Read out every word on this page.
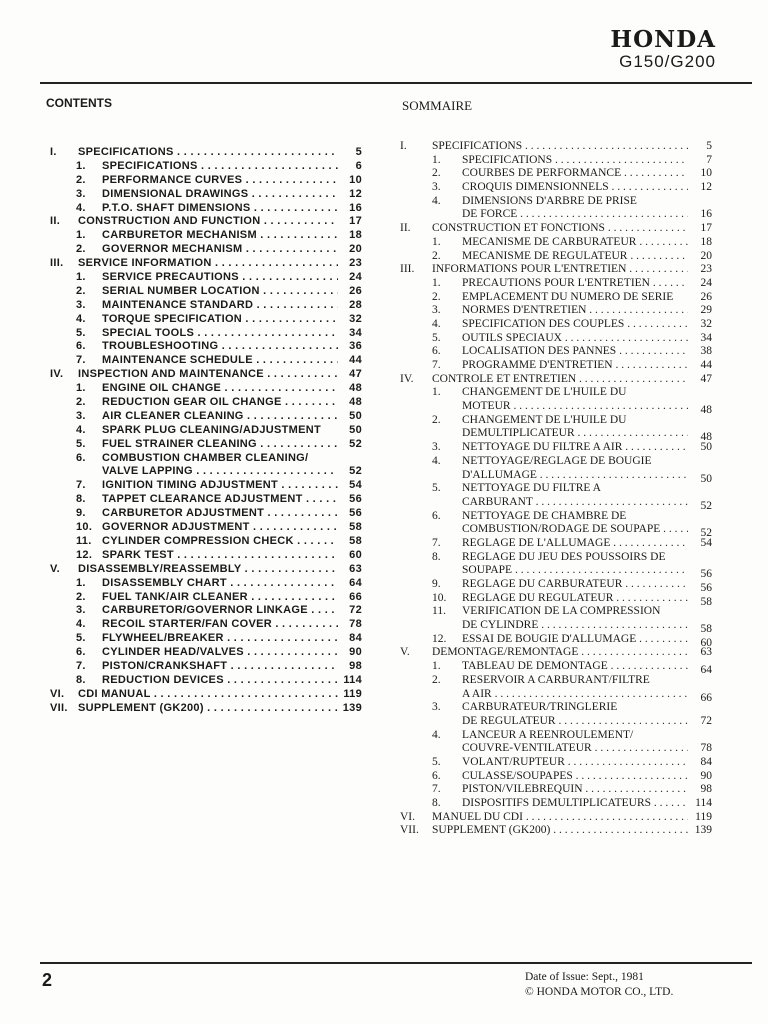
HONDA
G150/G200
CONTENTS	SOMMAIRE
I. SPECIFICATIONS . . .	5
1. SPECIFICATIONS . . .	6
2. PERFORMANCE CURVES . . .	10
3. DIMENSIONAL DRAWINGS . . .	12
4. P.T.O. SHAFT DIMENSIONS . . .	16
II. CONSTRUCTION AND FUNCTION . . .	17
1. CARBURETOR MECHANISM . . .	18
2. GOVERNOR MECHANISM . . .	20
III. SERVICE INFORMATION . . .	23
1. SERVICE PRECAUTIONS . . .	24
2. SERIAL NUMBER LOCATION . . .	26
3. MAINTENANCE STANDARD . . .	28
4. TORQUE SPECIFICATION . . .	32
5. SPECIAL TOOLS . . .	34
6. TROUBLESHOOTING . . .	36
7. MAINTENANCE SCHEDULE . . .	44
IV. INSPECTION AND MAINTENANCE . . .	47
1. ENGINE OIL CHANGE . . .	48
2. REDUCTION GEAR OIL CHANGE . . .	48
3. AIR CLEANER CLEANING . . .	50
4. SPARK PLUG CLEANING/ADJUSTMENT	50
5. FUEL STRAINER CLEANING . . .	52
6. COMBUSTION CHAMBER CLEANING/
VALVE LAPPING . . .	52
7. IGNITION TIMING ADJUSTMENT . . .	54
8. TAPPET CLEARANCE ADJUSTMENT . . .	56
9. CARBURETOR ADJUSTMENT . . .	56
10. GOVERNOR ADJUSTMENT . . .	58
11. CYLINDER COMPRESSION CHECK . . .	58
12. SPARK TEST . . .	60
V. DISASSEMBLY/REASSEMBLY . . .	63
1. DISASSEMBLY CHART . . .	64
2. FUEL TANK/AIR CLEANER . . .	66
3. CARBURETOR/GOVERNOR LINKAGE . . .	72
4. RECOIL STARTER/FAN COVER . . .	78
5. FLYWHEEL/BREAKER . . .	84
6. CYLINDER HEAD/VALVES . . .	90
7. PISTON/CRANKSHAFT . . .	98
8. REDUCTION DEVICES . . .	114
VI. CDI MANUAL . . .	119
VII. SUPPLEMENT (GK200) . . .	139
I. SPECIFICATIONS . . .	5
1. SPECIFICATIONS . . .	7
2. COURBES DE PERFORMANCE . . .	10
3. CROQUIS DIMENSIONNELS . . .	12
4. DIMENSIONS D'ARBRE DE PRISE
DE FORCE . . .	16
II. CONSTRUCTION ET FONCTIONS . . .	17
1. MECANISME DE CARBURATEUR . . .	18
2. MECANISME DE REGULATEUR . . .	20
III. INFORMATIONS POUR L'ENTRETIEN . . .	23
1. PRECAUTIONS POUR L'ENTRETIEN . . .	24
2. EMPLACEMENT DU NUMERO DE SERIE	26
3. NORMES D'ENTRETIEN . . .	29
4. SPECIFICATION DES COUPLES . . .	32
5. OUTILS SPECIAUX . . .	34
6. LOCALISATION DES PANNES . . .	38
7. PROGRAMME D'ENTRETIEN . . .	44
IV. CONTROLE ET ENTRETIEN . . .	47
1. CHANGEMENT DE L'HUILE DU
MOTEUR . . .	48
2. CHANGEMENT DE L'HUILE DU
DEMULTIPLICATEUR . . .	48
3. NETTOYAGE DU FILTRE A AIR . . .	50
4. NETTOYAGE/REGLAGE DE BOUGIE
D'ALLUMAGE . . .	50
5. NETTOYAGE DU FILTRE A
CARBURANT . . .	52
6. NETTOYAGE DE CHAMBRE DE
COMBUSTION/RODAGE DE SOUPAPE . . .	52
7. REGLAGE DE L'ALLUMAGE . . .	54
8. REGLAGE DU JEU DES POUSSOIRS DE
SOUPAPE . . .	56
9. REGLAGE DU CARBURATEUR . . .	56
10. REGLAGE DU REGULATEUR . . .	58
11. VERIFICATION DE LA COMPRESSION
DE CYLINDRE . . .	58
12. ESSAI DE BOUGIE D'ALLUMAGE . . .	60
V. DEMONTAGE/REMONTAGE . . .	63
1. TABLEAU DE DEMONTAGE . . .	64
2. RESERVOIR A CARBURANT/FILTRE
A AIR . . .	66
3. CARBURATEUR/TRINGLERIE
DE REGULATEUR . . .	72
4. LANCEUR A REENROULEMENT/
COUVRE-VENTILATEUR . . .	78
5. VOLANT/RUPTEUR . . .	84
6. CULASSE/SOUPAPES . . .	90
7. PISTON/VILEBREQUIN . . .	98
8. DISPOSITIFS DEMULTIPLICATEURS . . .	114
VI. MANUEL DU CDI . . .	119
VII. SUPPLEMENT (GK200) . . .	139
2	Date of Issue: Sept., 1981
© HONDA MOTOR CO., LTD.
